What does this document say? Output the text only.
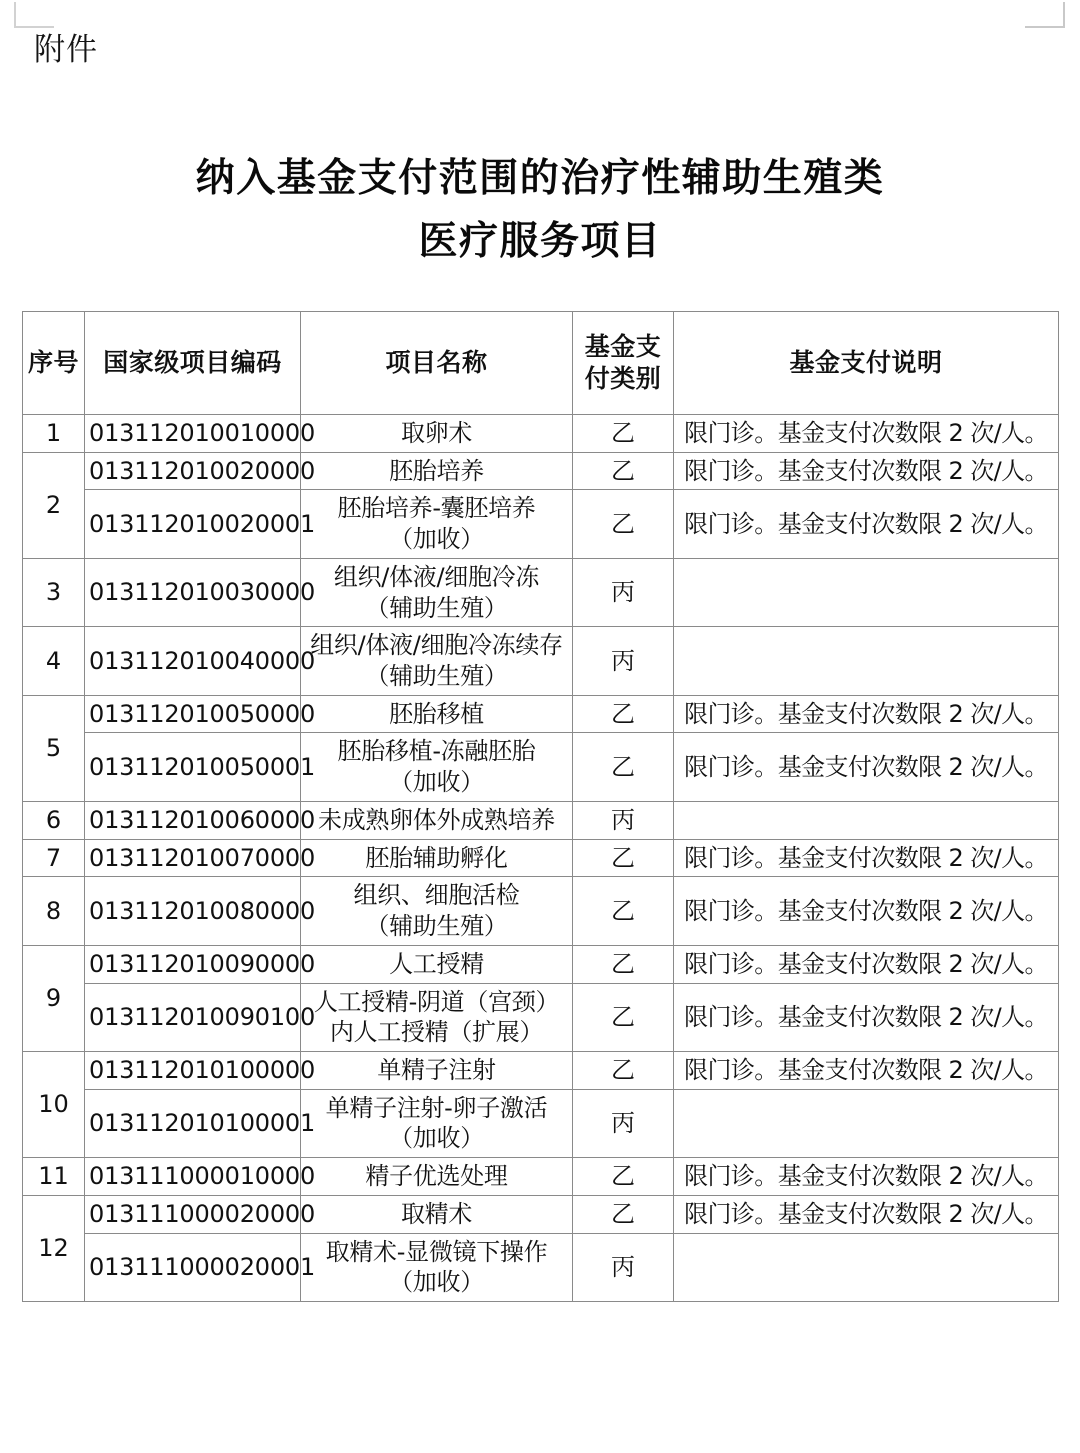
附件
纳入基金支付范围的治疗性辅助生殖类
医疗服务项目
序号	国家级项目编码	项目名称	基金支付类别	基金支付说明
1	013112010010000	取卵术	乙	限门诊。基金支付次数限 2 次/人。
2	013112010020000	胚胎培养	乙	限门诊。基金支付次数限 2 次/人。
	013112010020001	胚胎培养-囊胚培养
（加收）	乙	限门诊。基金支付次数限 2 次/人。
3	013112010030000	组织/体液/细胞冷冻
（辅助生殖）	丙	
4	013112010040000	组织/体液/细胞冷冻续存
（辅助生殖）	丙	
5	013112010050000	胚胎移植	乙	限门诊。基金支付次数限 2 次/人。
	013112010050001	胚胎移植-冻融胚胎
（加收）	乙	限门诊。基金支付次数限 2 次/人。
6	013112010060000	未成熟卵体外成熟培养	丙	
7	013112010070000	胚胎辅助孵化	乙	限门诊。基金支付次数限 2 次/人。
8	013112010080000	组织、细胞活检
（辅助生殖）	乙	限门诊。基金支付次数限 2 次/人。
9	013112010090000	人工授精	乙	限门诊。基金支付次数限 2 次/人。
	013112010090100	人工授精-阴道（宫颈）
内人工授精（扩展）	乙	限门诊。基金支付次数限 2 次/人。
10	013112010100000	单精子注射	乙	限门诊。基金支付次数限 2 次/人。
	013112010100001	单精子注射-卵子激活
（加收）	丙	
11	013111000010000	精子优选处理	乙	限门诊。基金支付次数限 2 次/人。
12	013111000020000	取精术	乙	限门诊。基金支付次数限 2 次/人。
	013111000020001	取精术-显微镜下操作
（加收）	丙	
